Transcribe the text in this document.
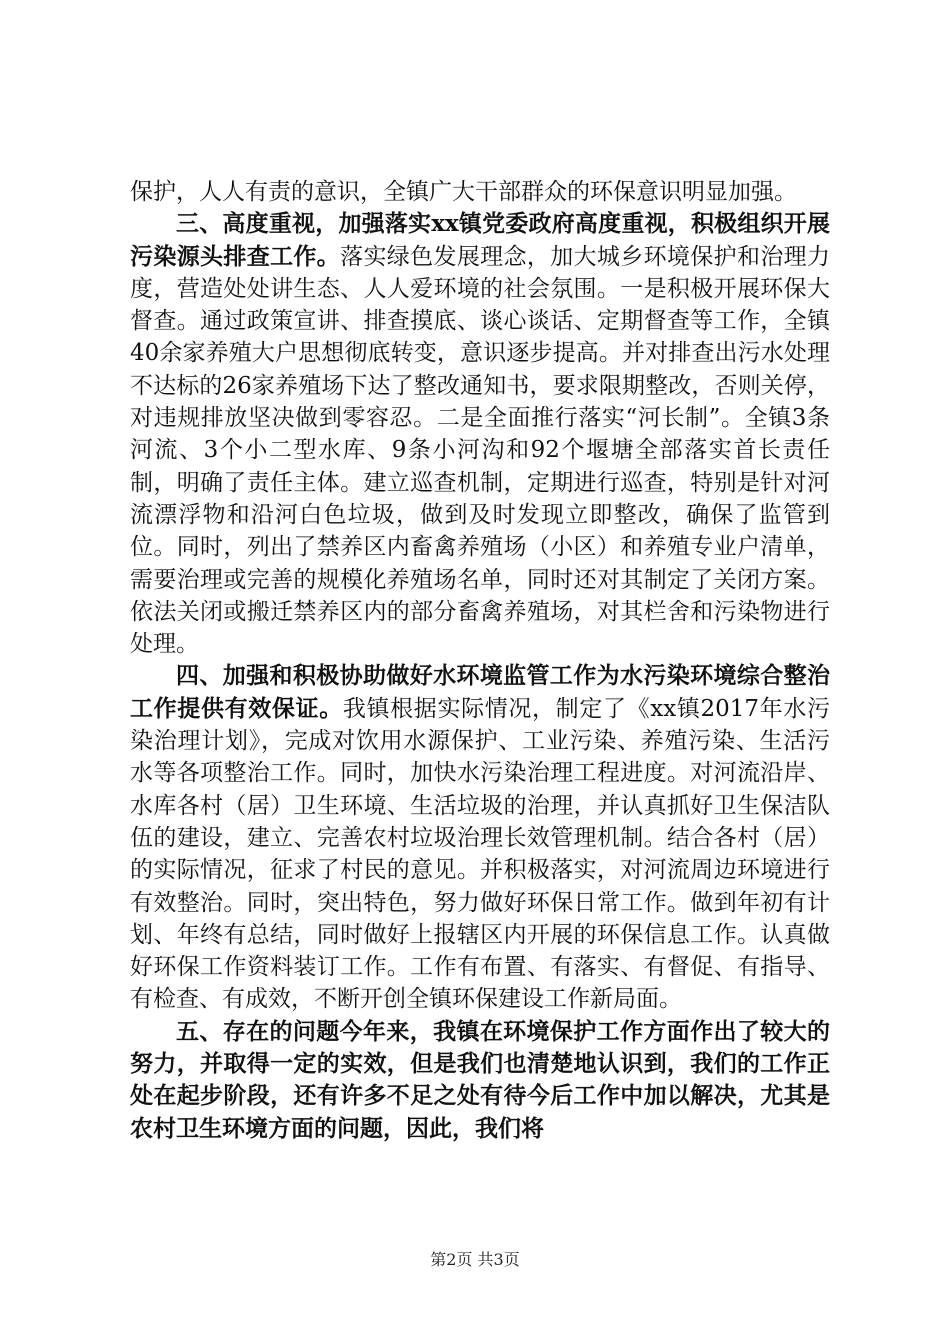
保护，人人有责的意识，全镇广大干部群众的环保意识明显加强。

三、高度重视，加强落实xx镇党委政府高度重视，积极组织开展污染源头排查工作。落实绿色发展理念，加大城乡环境保护和治理力度，营造处处讲生态、人人爱环境的社会氛围。一是积极开展环保大督查。通过政策宣讲、排查摸底、谈心谈话、定期督查等工作，全镇40余家养殖大户思想彻底转变，意识逐步提高。并对排查出污水处理不达标的26家养殖场下达了整改通知书，要求限期整改，否则关停，对违规排放坚决做到零容忍。二是全面推行落实“河长制”。全镇3条河流、3个小二型水库、9条小河沟和92个堰塘全部落实首长责任制，明确了责任主体。建立巡查机制，定期进行巡查，特别是针对河流漂浮物和沿河白色垃圾，做到及时发现立即整改，确保了监管到位。同时，列出了禁养区内畜禽养殖场（小区）和养殖专业户清单，需要治理或完善的规模化养殖场名单，同时还对其制定了关闭方案。依法关闭或搬迁禁养区内的部分畜禽养殖场，对其栏舍和污染物进行处理。

四、加强和积极协助做好水环境监管工作为水污染环境综合整治工作提供有效保证。我镇根据实际情况，制定了《xx镇2017年水污染治理计划》，完成对饮用水源保护、工业污染、养殖污染、生活污水等各项整治工作。同时，加快水污染治理工程进度。对河流沿岸、水库各村（居）卫生环境、生活垃圾的治理，并认真抓好卫生保洁队伍的建设，建立、完善农村垃圾治理长效管理机制。结合各村（居）的实际情况，征求了村民的意见。并积极落实，对河流周边环境进行有效整治。同时，突出特色，努力做好环保日常工作。做到年初有计划、年终有总结，同时做好上报辖区内开展的环保信息工作。认真做好环保工作资料装订工作。工作有布置、有落实、有督促、有指导、有检查、有成效，不断开创全镇环保建设工作新局面。

五、存在的问题今年来，我镇在环境保护工作方面作出了较大的努力，并取得一定的实效，但是我们也清楚地认识到，我们的工作正处在起步阶段，还有许多不足之处有待今后工作中加以解决，尤其是农村卫生环境方面的问题，因此，我们将

第2页 共3页
